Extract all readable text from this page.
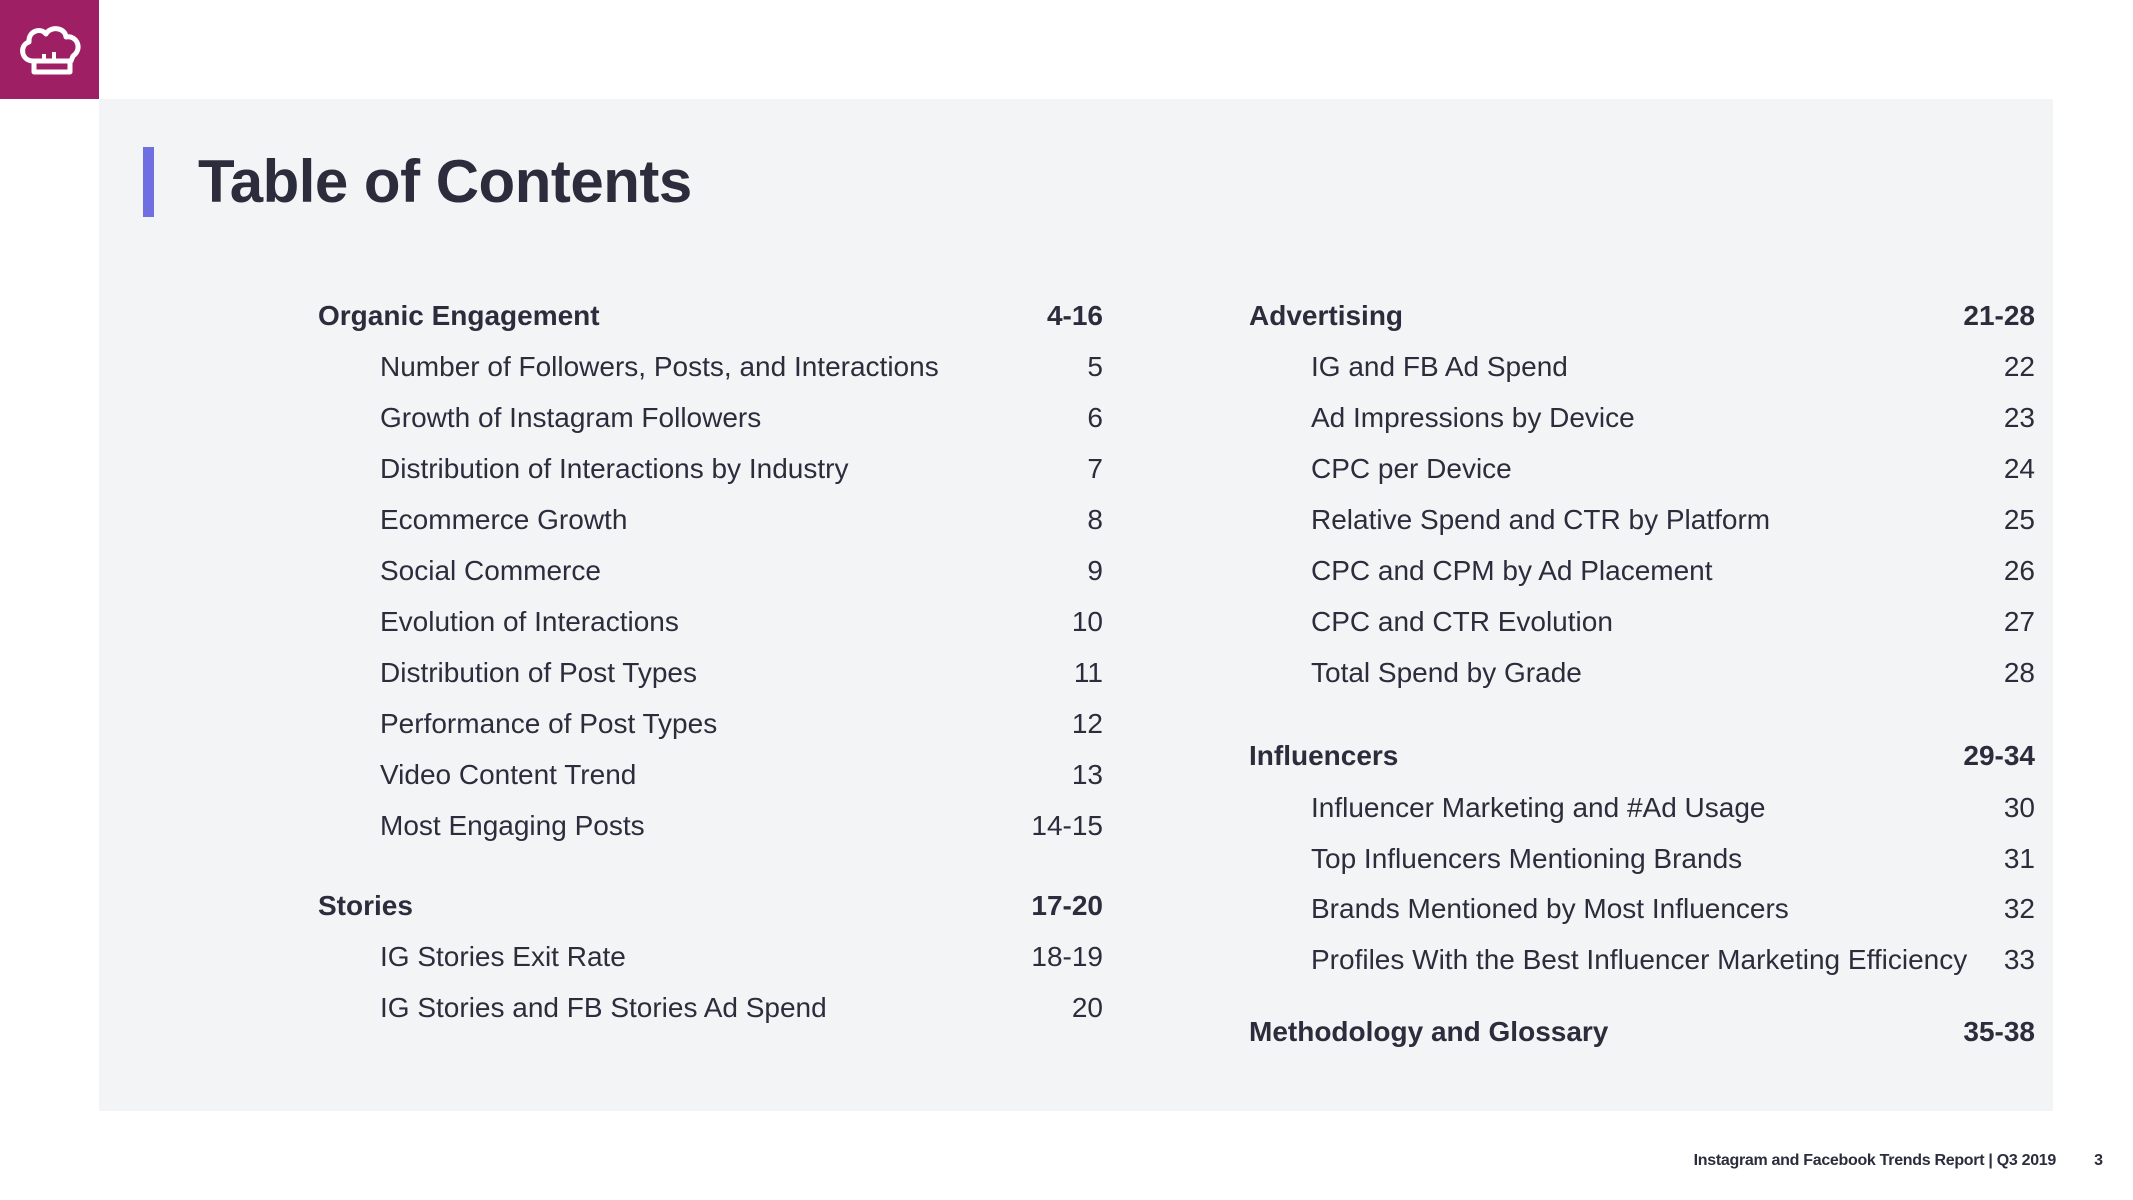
Table of Contents
Organic Engagement	4-16
Number of Followers, Posts, and Interactions	5
Growth of Instagram Followers	6
Distribution of Interactions by Industry	7
Ecommerce Growth	8
Social Commerce	9
Evolution of Interactions	10
Distribution of Post Types	11
Performance of Post Types	12
Video Content Trend	13
Most Engaging Posts	14-15
Stories	17-20
IG Stories Exit Rate	18-19
IG Stories and FB Stories Ad Spend	20
Advertising	21-28
IG and FB Ad Spend	22
Ad Impressions by Device	23
CPC per Device	24
Relative Spend and CTR by Platform	25
CPC and CPM by Ad Placement	26
CPC and CTR Evolution	27
Total Spend by Grade	28
Influencers	29-34
Influencer Marketing and #Ad Usage	30
Top Influencers Mentioning Brands	31
Brands Mentioned by Most Influencers	32
Profiles With the Best Influencer Marketing Efficiency 33
Methodology and Glossary	35-38
Instagram and Facebook Trends Report | Q3 2019 3
